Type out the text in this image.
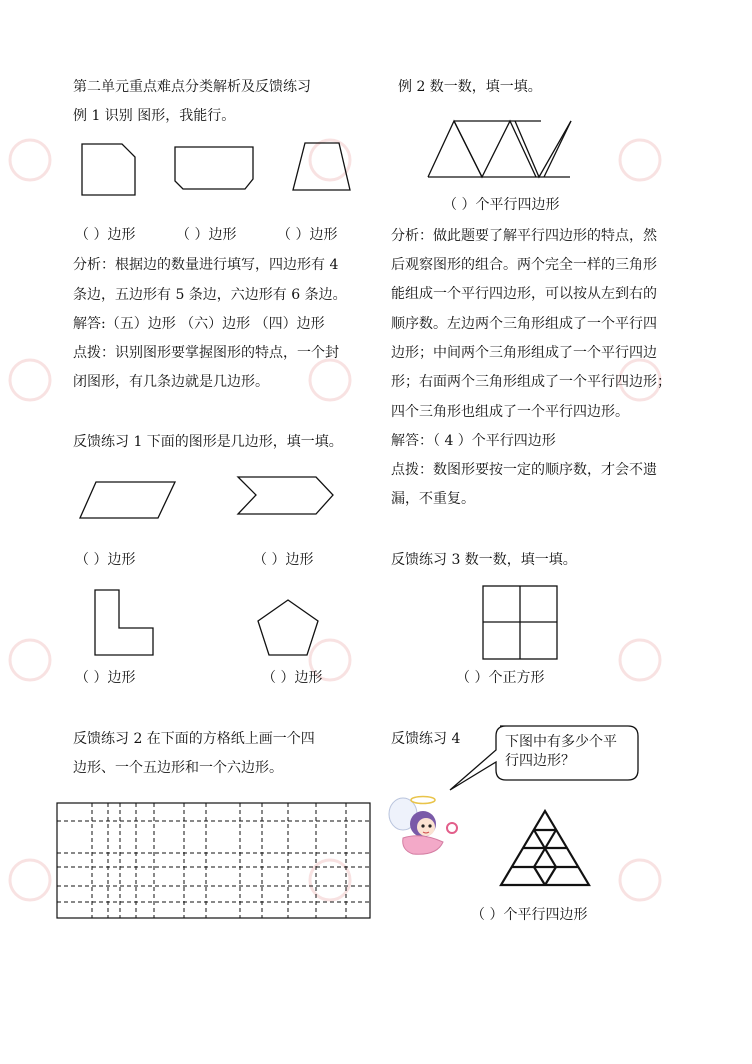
第二单元重点难点分类解析及反馈练习
例 1 识别 图形，我能行。
（ ）边形	（ ）边形	（ ）边形
分析：根据边的数量进行填写，四边形有 4
条边，五边形有 5 条边，六边形有 6 条边。
解答:（五）边形 （六）边形 （四）边形
点拨：识别图形要掌握图形的特点，一个封
闭图形，有几条边就是几边形。
反馈练习 1 下面的图形是几边形，填一填。
（ ）边形	（ ）边形
（ ）边形	（ ）边形
反馈练习 2 在下面的方格纸上画一个四
边形、一个五边形和一个六边形。
例 2 数一数，填一填。
（ ）个平行四边形
分析：做此题要了解平行四边形的特点，然
后观察图形的组合。两个完全一样的三角形
能组成一个平行四边形，可以按从左到右的
顺序数。左边两个三角形组成了一个平行四
边形；中间两个三角形组成了一个平行四边
形；右面两个三角形组成了一个平行四边形；
四个三角形也组成了一个平行四边形。
解答：（ 4 ）个平行四边形
点拨：数图形要按一定的顺序数，才会不遗
漏，不重复。
反馈练习 3 数一数，填一填。
（ ）个正方形
反馈练习 4	下图中有多少个平
行四边形？
（ ）个平行四边形
